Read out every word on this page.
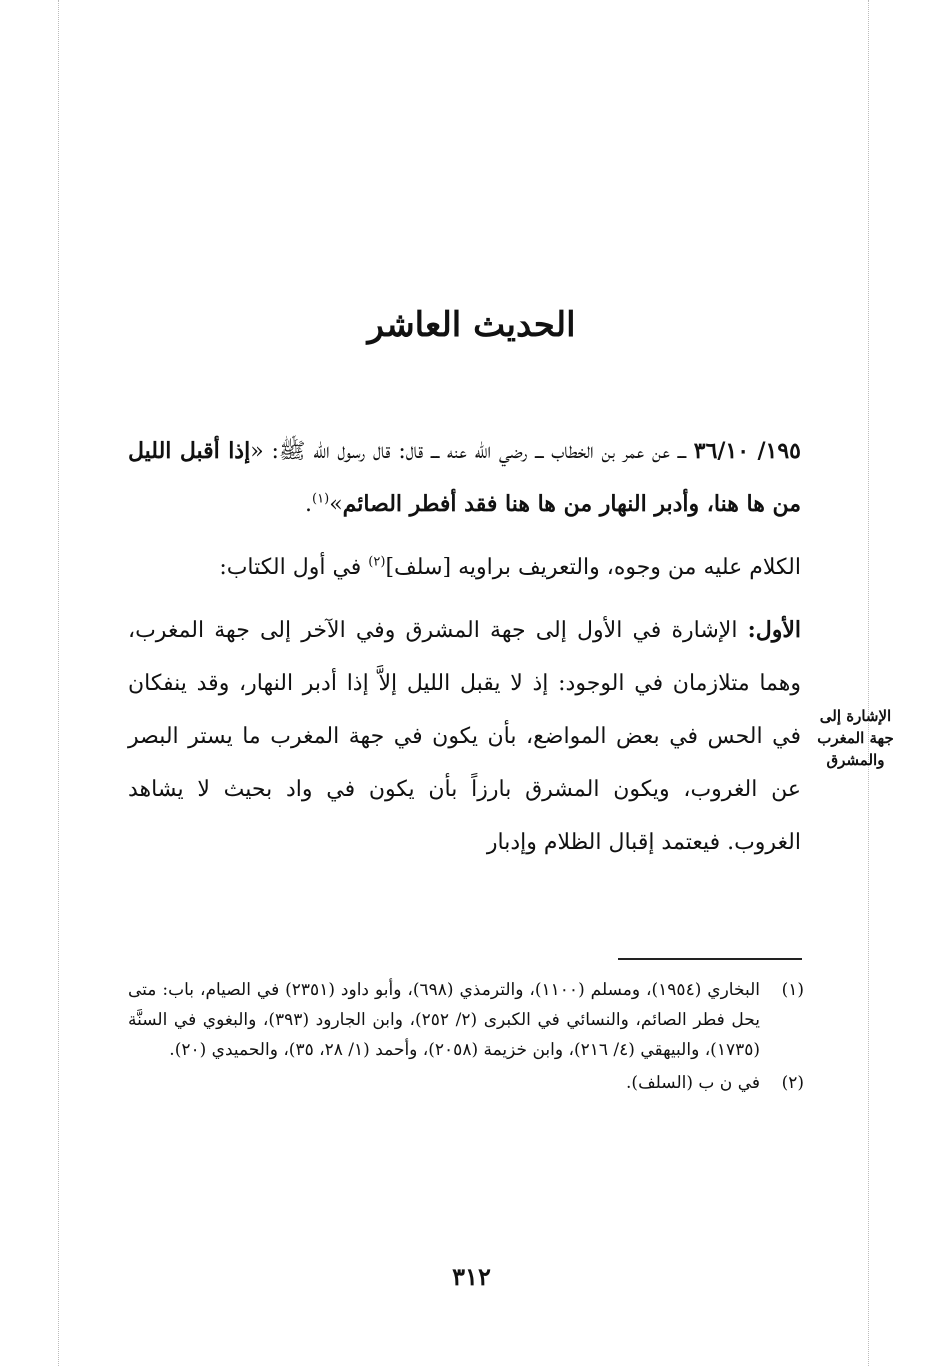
الحديث العاشر

١٩٥/ ٣٦/١٠ ـــ عن عمر بن الخطاب ـــ رضي الله عنه ـــ قال: قال رسول الله ﷺ: «إذا أقبل الليل من ها هنا، وأدبر النهار من ها هنا فقد أفطر الصائم»$^{(١)}$.

الكلام عليه من وجوه، والتعريف براويه [سلف]$^{(٢)}$ في أول الكتاب:

الأول: الإشارة في الأول إلى جهة المشرق وفي الآخر إلى جهة المغرب، وهما متلازمان في الوجود: إذ لا يقبل الليل إلاَّ إذا أدبر النهار، وقد ينفكان في الحس في بعض المواضع، بأن يكون في جهة المغرب ما يستر البصر عن الغروب، ويكون المشرق بارزاً بأن يكون في واد بحيث لا يشاهد الغروب. فيعتمد إقبال الظلام وإدبار

الإشارة إلى جهة المغرب والمشرق
(١)
البخاري (١٩٥٤)، ومسلم (١١٠٠)، والترمذي (٦٩٨)، وأبو داود (٢٣٥١) في الصيام، باب: متى يحل فطر الصائم، والنسائي في الكبرى (٢/ ٢٥٢)، وابن الجارود (٣٩٣)، والبغوي في السنَّة (١٧٣٥)، والبيهقي (٤/ ٢١٦)، وابن خزيمة (٢٠٥٨)، وأحمد (١/ ٢٨، ٣٥)، والحميدي (٢٠).
(٢)
في ن ب (السلف).
٣١٢
